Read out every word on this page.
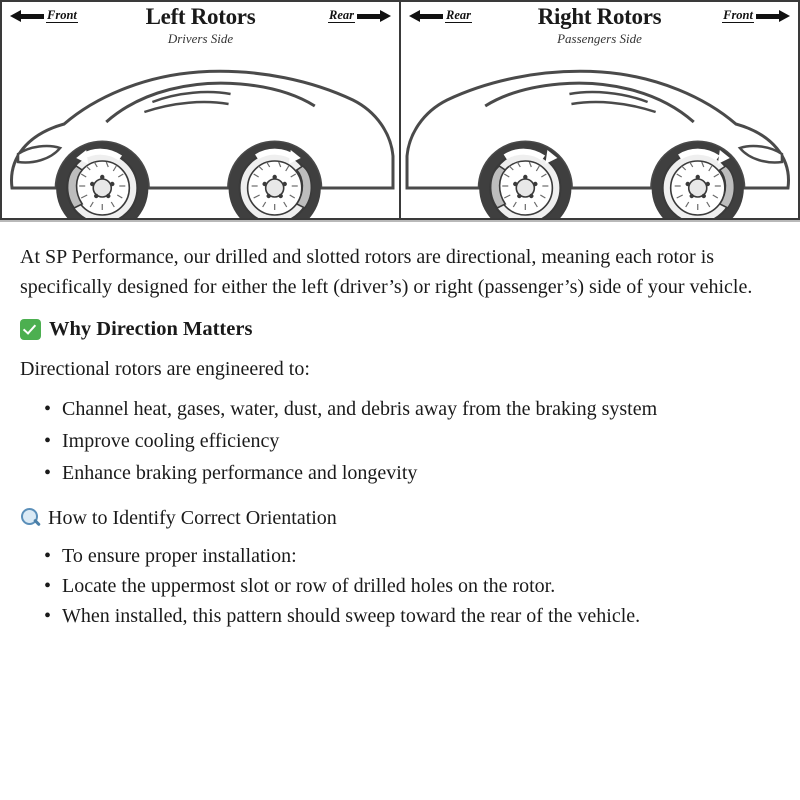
Left Rotors
Drivers Side
Front	Rear
Rotation	Rotation
Right Rotors
Passengers Side
Rear	Front
Rotation	Rotation

At SP Performance, our drilled and slotted rotors are directional, meaning each rotor is specifically designed for either the left (driver’s) or right (passenger’s) side of your vehicle.

Why Direction Matters

Directional rotors are engineered to:

• Channel heat, gases, water, dust, and debris away from the braking system
• Improve cooling efficiency
• Enhance braking performance and longevity
How to Identify Correct Orientation
• To ensure proper installation:
• Locate the uppermost slot or row of drilled holes on the rotor.
• When installed, this pattern should sweep toward the rear of the vehicle.
